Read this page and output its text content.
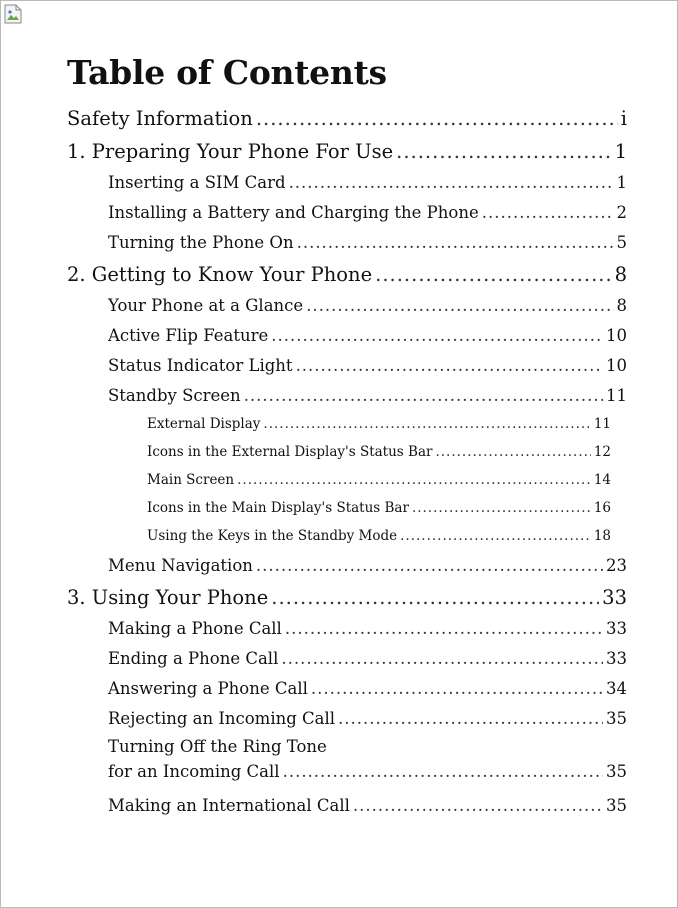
Table of Contents
Safety Information .....	i
1. Preparing Your Phone For Use .....	1
Inserting a SIM Card .....	1
Installing a Battery and Charging the Phone .....	2
Turning the Phone On .....	5
2. Getting to Know Your Phone .....	8
Your Phone at a Glance .....	8
Active Flip Feature .....	10
Status Indicator Light .....	10
Standby Screen .....	11
External Display .....	11
Icons in the External Display's Status Bar .....	12
Main Screen .....	14
Icons in the Main Display's Status Bar .....	16
Using the Keys in the Standby Mode .....	18
Menu Navigation .....	23
3. Using Your Phone .....	33
Making a Phone Call .....	33
Ending a Phone Call .....	33
Answering a Phone Call .....	34
Rejecting an Incoming Call .....	35
Turning Off the Ring Tone
for an Incoming Call .....	35
Making an International Call .....	35
